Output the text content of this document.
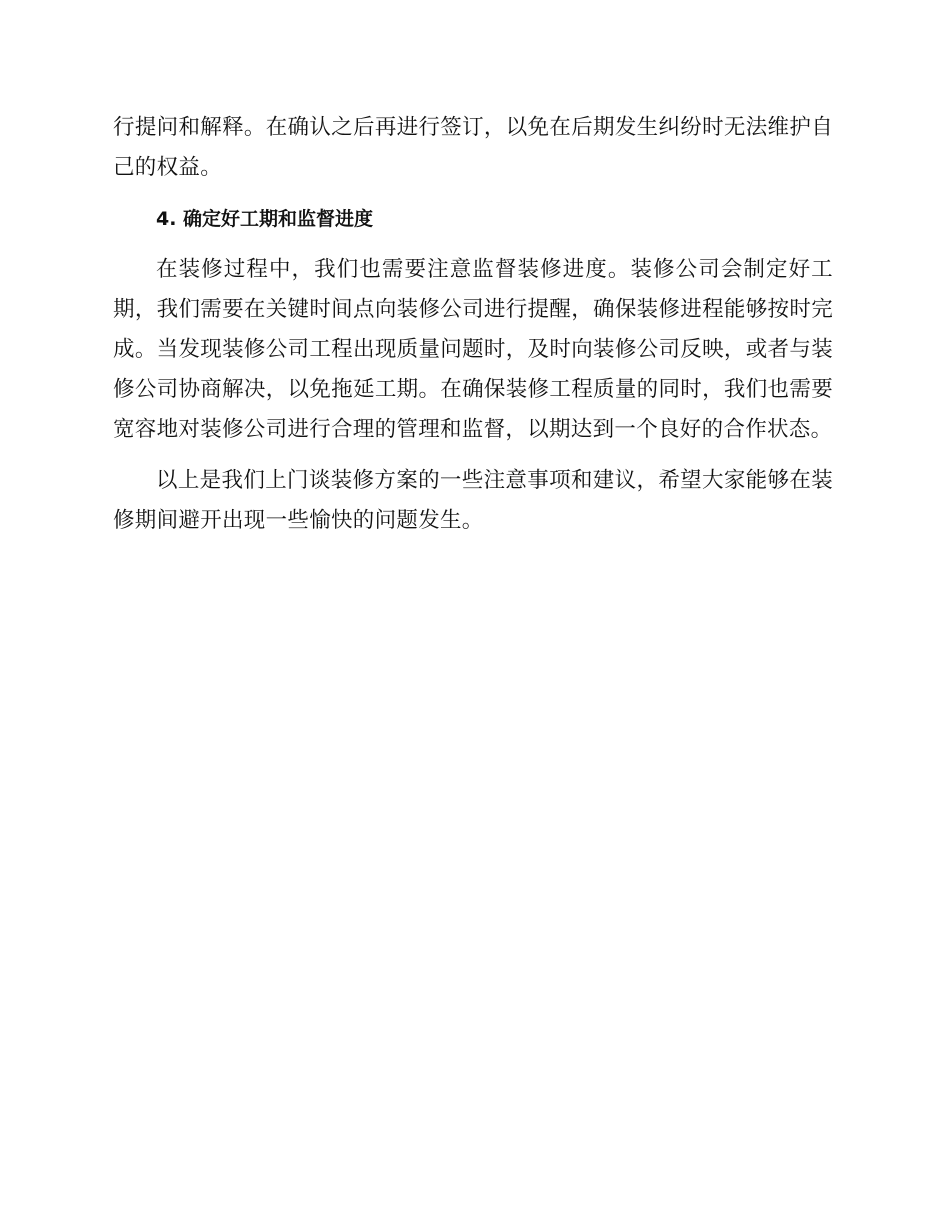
行提问和解释。在确认之后再进行签订，以免在后期发生纠纷时无法维护自己的权益。

4. 确定好工期和监督进度

在装修过程中，我们也需要注意监督装修进度。装修公司会制定好工期，我们需要在关键时间点向装修公司进行提醒，确保装修进程能够按时完成。当发现装修公司工程出现质量问题时，及时向装修公司反映，或者与装修公司协商解决，以免拖延工期。在确保装修工程质量的同时，我们也需要宽容地对装修公司进行合理的管理和监督，以期达到一个良好的合作状态。

以上是我们上门谈装修方案的一些注意事项和建议，希望大家能够在装修期间避开出现一些愉快的问题发生。
